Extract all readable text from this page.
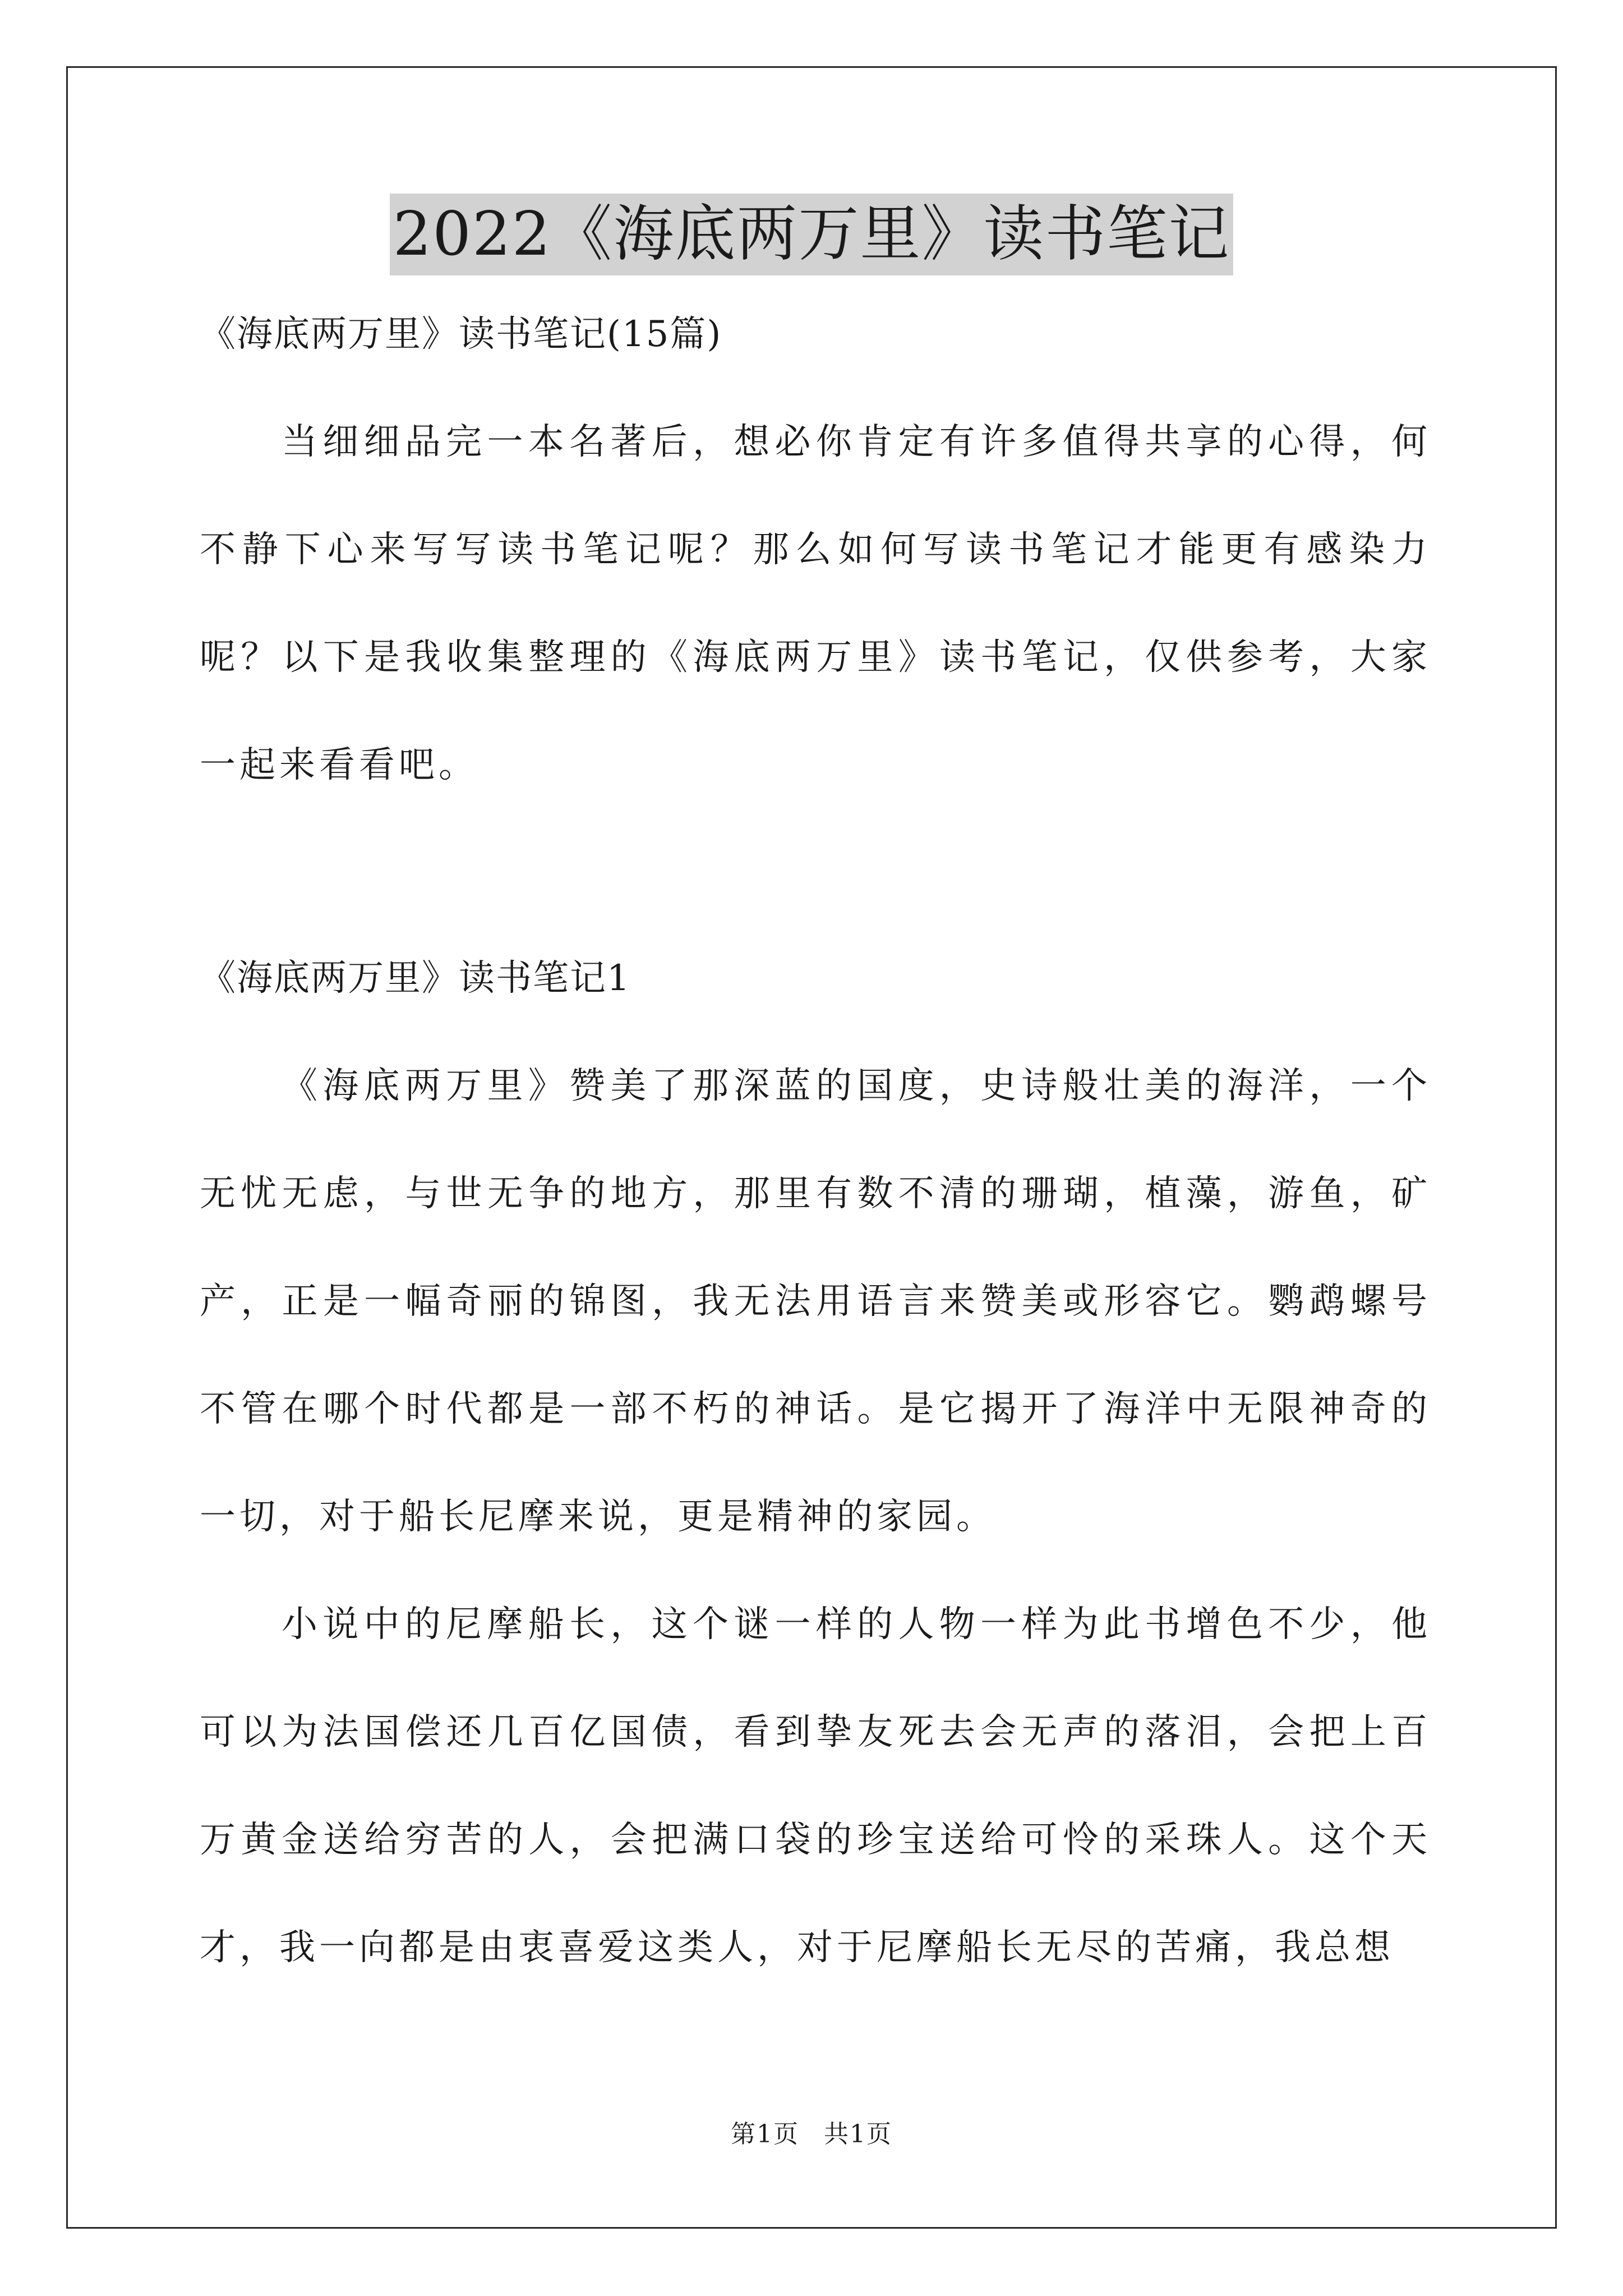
2022《海底两万里》读书笔记

《海底两万里》读书笔记(15篇)

当细细品完一本名著后，想必你肯定有许多值得共享的心得，何不静下心来写写读书笔记呢？那么如何写读书笔记才能更有感染力呢？以下是我收集整理的《海底两万里》读书笔记，仅供参考，大家一起来看看吧。

《海底两万里》读书笔记1

《海底两万里》赞美了那深蓝的国度，史诗般壮美的海洋，一个无忧无虑，与世无争的地方，那里有数不清的珊瑚，植藻，游鱼，矿产，正是一幅奇丽的锦图，我无法用语言来赞美或形容它。鹦鹉螺号不管在哪个时代都是一部不朽的神话。是它揭开了海洋中无限神奇的一切，对于船长尼摩来说，更是精神的家园。

小说中的尼摩船长，这个谜一样的人物一样为此书增色不少，他可以为法国偿还几百亿国债，看到挚友死去会无声的落泪，会把上百万黄金送给穷苦的人，会把满口袋的珍宝送给可怜的采珠人。这个天才，我一向都是由衷喜爱这类人，对于尼摩船长无尽的苦痛，我总想

第1页 共1页
